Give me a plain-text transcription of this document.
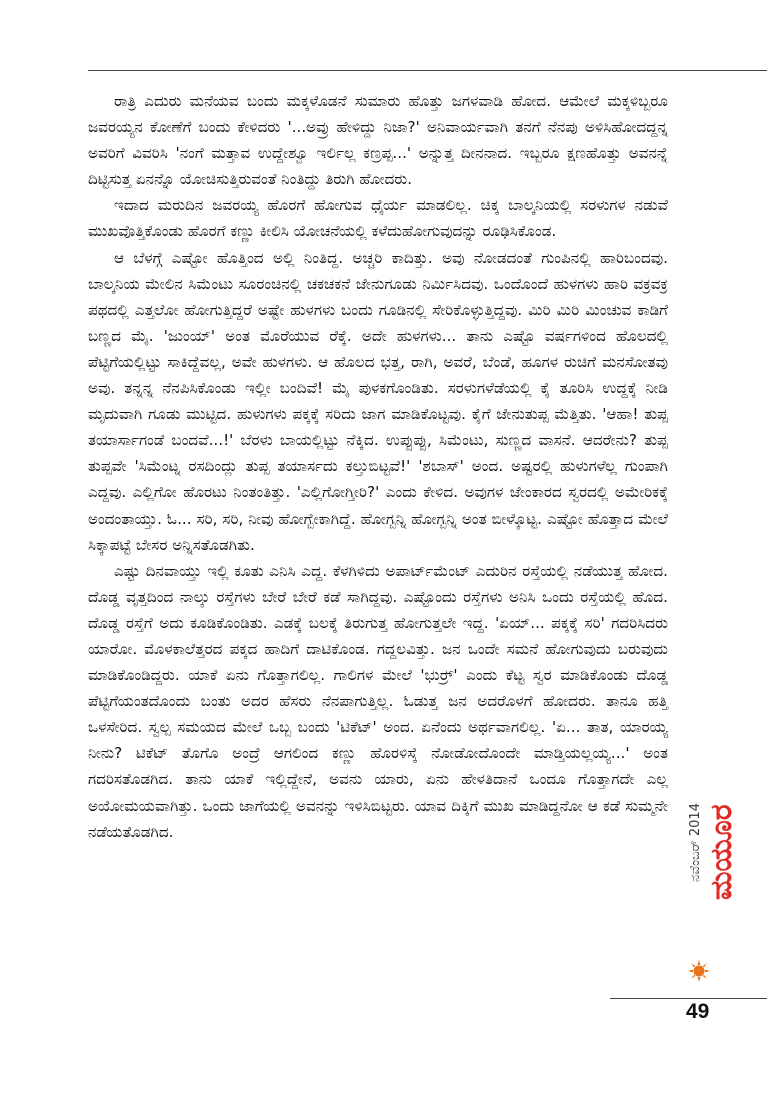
ರಾತ್ರಿ ಎದುರು ಮನೆಯವ ಬಂದು ಮಕ್ಕಳೊಡನೆ ಸುಮಾರು ಹೊತ್ತು ಜಗಳವಾಡಿ ಹೋದ. ಆಮೇಲೆ ಮಕ್ಕಳಿಬ್ಬರೂ ಜವರಯ್ಯನ ಕೋಣೆಗೆ ಬಂದು ಕೇಳಿದರು '...ಅವ್ರು ಹೇಳಿದ್ದು ನಿಜಾ?' ಅನಿವಾರ್ಯವಾಗಿ ತನಗೆ ನೆನಪು ಅಳಿಸಿಹೋದದ್ದನ್ನ ಅವರಿಗೆ ವಿವರಿಸಿ 'ನಂಗೆ ಮತ್ತಾವ ಉದ್ದೇಶ್ವೂ ಇರ್ಲಿಲ್ಲ ಕಣ್ರಪ್ಪ...' ಅನ್ನುತ್ತ ದೀನನಾದ. ಇಬ್ಬರೂ ಕ್ಷಣಹೊತ್ತು ಅವನನ್ನೆ ದಿಟ್ಟಿಸುತ್ತ ಏನನ್ನೊ ಯೋಚಿಸುತ್ತಿರುವಂತೆ ನಿಂತಿದ್ದು ತಿರುಗಿ ಹೋದರು.

ಇದಾದ ಮರುದಿನ ಜವರಯ್ಯ ಹೊರಗೆ ಹೋಗುವ ಧೈರ್ಯ ಮಾಡಲಿಲ್ಲ. ಚಿಕ್ಕ ಬಾಲ್ಕನಿಯಲ್ಲಿ ಸರಳುಗಳ ನಡುವೆ ಮುಖವೊತ್ತಿಕೊಂಡು ಹೊರಗೆ ಕಣ್ಣು ಕೀಲಿಸಿ ಯೋಚನೆಯಲ್ಲಿ ಕಳೆದುಹೋಗುವುದನ್ನು ರೂಢಿಸಿಕೊಂಡ.

ಆ ಬೆಳಗ್ಗೆ ಎಷ್ಟೋ ಹೊತ್ತಿಂದ ಅಲ್ಲಿ ನಿಂತಿದ್ದ. ಅಚ್ಚರಿ ಕಾದಿತ್ತು. ಅವು ನೋಡದಂತೆ ಗುಂಪಿನಲ್ಲಿ ಹಾರಿಬಂದವು. ಬಾಲ್ಕನಿಯ ಮೇಲಿನ ಸಿಮೆಂಟು ಸೂರಂಚಿನಲ್ಲಿ ಚಕಚಕನೆ ಜೇನುಗೂಡು ನಿರ್ಮಿಸಿದವು. ಒಂದೊಂದೆ ಹುಳಗಳು ಹಾರಿ ವಕ್ರವಕ್ರ ಪಥದಲ್ಲಿ ಎತ್ತಲೋ ಹೋಗುತ್ತಿದ್ದರೆ ಅಷ್ಟೇ ಹುಳಗಳು ಬಂದು ಗೂಡಿನಲ್ಲಿ ಸೇರಿಕೊಳ್ಳುತ್ತಿದ್ದವು. ಮಿರಿ ಮಿರಿ ಮಿಂಚುವ ಕಾಡಿಗೆ ಬಣ್ಣದ ಮೈ. 'ಜುಂಯ್' ಅಂತ ಮೊರೆಯುವ ರೆಕ್ಕೆ. ಅದೇ ಹುಳಗಳು... ತಾನು ಎಷ್ಟೊ ವರ್ಷಗಳಿಂದ ಹೊಲದಲ್ಲಿ ಪೆಟ್ಟಿಗೆಯಲ್ಲಿಟ್ಟು ಸಾಕಿದ್ದೆವಲ್ಲ, ಅವೇ ಹುಳಗಳು. ಆ ಹೊಲದ ಭತ್ತ, ರಾಗಿ, ಅವರೆ, ಬೆಂಡೆ, ಹೂಗಳ ರುಚಿಗೆ ಮನಸೋತವು ಅವು. ತನ್ನನ್ನ ನೆನಪಿಸಿಕೊಂಡು ಇಲ್ಲೀ ಬಂದಿವೆ! ಮೈ ಪುಳಕಗೊಂಡಿತು. ಸರಳುಗಳೆಡೆಯಲ್ಲಿ ಕೈ ತೂರಿಸಿ ಉದ್ದಕ್ಕೆ ನೀಡಿ ಮೃದುವಾಗಿ ಗೂಡು ಮುಟ್ಟಿದ. ಹುಳುಗಳು ಪಕ್ಕಕ್ಕೆ ಸರಿದು ಜಾಗ ಮಾಡಿಕೊಟ್ಟವು. ಕೈಗೆ ಜೇನುತುಪ್ಪ ಮೆತ್ತಿತು. 'ಆಹಾ! ತುಪ್ಪ ತಯಾರ್ಸಾಗಂಡೆ ಬಂದವೆ...!' ಬೆರಳು ಬಾಯಲ್ಲಿಟ್ಟು ನೆಕ್ಕಿದ. ಉಪ್ಪುಪ್ಪು, ಸಿಮೆಂಟು, ಸುಣ್ಣದ ವಾಸನೆ. ಆದರೇನು? ತುಪ್ಪ ತುಪ್ಪವೇ 'ಸಿಮೆಂಟ್ನ ರಸದಿಂದ್ಲು ತುಪ್ಪ ತಯಾರ್ಸದು ಕಲ್ತುಬಿಟ್ಟವೆ!' 'ಶಬಾಸ್' ಅಂದ. ಅಷ್ಟರಲ್ಲಿ ಹುಳುಗಳೆಲ್ಲ ಗುಂಪಾಗಿ ಎದ್ದವು. ಎಲ್ಲಿಗೋ ಹೊರಟು ನಿಂತಂತಿತ್ತು. 'ಎಲ್ಲಿಗೋಗ್ತೀರಿ?' ಎಂದು ಕೇಳಿದ. ಅವುಗಳ ಜೇಂಕಾರದ ಸ್ವರದಲ್ಲಿ ಅಮೇರಿಕಕ್ಕೆ ಅಂದಂತಾಯ್ತು. ಓ... ಸರಿ, ಸರಿ, ನೀವು ಹೋಗ್ಬೇಕಾಗಿದ್ದೆ. ಹೋಗ್ಬನ್ನಿ ಹೋಗ್ಬನ್ನಿ ಅಂತ ಬೀಳ್ಕೊಟ್ಟ. ಎಷ್ಟೋ ಹೊತ್ತಾದ ಮೇಲೆ ಸಿಕ್ಕಾಪಟ್ಟೆ ಬೇಸರ ಅನ್ನಿಸತೊಡಗಿತು.

ಎಷ್ಟು ದಿನವಾಯ್ತು ಇಲ್ಲಿ ಕೂತು ಎನಿಸಿ ಎದ್ದ. ಕೆಳಗಿಳಿದು ಅಪಾರ್ಟ್‌ಮೆಂಟ್ ಎದುರಿನ ರಸ್ತೆಯಲ್ಲಿ ನಡೆಯುತ್ತ ಹೋದ. ದೊಡ್ಡ ವೃತ್ತದಿಂದ ನಾಲ್ಕು ರಸ್ತೆಗಳು ಬೇರೆ ಬೇರೆ ಕಡೆ ಸಾಗಿದ್ದವು. ಎಷ್ಟೊಂದು ರಸ್ತೆಗಳು ಅನಿಸಿ ಒಂದು ರಸ್ತೆಯಲ್ಲಿ ಹೊದ. ದೊಡ್ಡ ರಸ್ತೆಗೆ ಅದು ಕೂಡಿಕೊಂಡಿತು. ಎಡಕ್ಕೆ ಬಲಕ್ಕೆ ತಿರುಗುತ್ತ ಹೋಗುತ್ತಲೇ ಇದ್ದ. 'ಏಯ್... ಪಕ್ಕಕ್ಕೆ ಸರಿ' ಗದರಿಸಿದರು ಯಾರೋ. ಮೊಳಕಾಲೆತ್ತರದ ಪಕ್ಕದ ಹಾದಿಗೆ ದಾಟಿಕೊಂಡ. ಗದ್ದಲವಿತ್ತು. ಜನ ಒಂದೇ ಸಮನೆ ಹೋಗುವುದು ಬರುವುದು ಮಾಡಿಕೊಂಡಿದ್ದರು. ಯಾಕೆ ಏನು ಗೊತ್ತಾಗಲಿಲ್ಲ. ಗಾಲಿಗಳ ಮೇಲೆ 'ಭುರ್‍ರ್' ಎಂದು ಕೆಟ್ಟ ಸ್ವರ ಮಾಡಿಕೊಂಡು ದೊಡ್ಡ ಪೆಟ್ಟಿಗೆಯಂತದೊಂದು ಬಂತು ಅದರ ಹೆಸರು ನೆನಪಾಗುತ್ತಿಲ್ಲ. ಓಡುತ್ತ ಜನ ಅದರೊಳಗೆ ಹೋದರು. ತಾನೂ ಹತ್ತಿ ಒಳಸೇರಿದ. ಸ್ವಲ್ಪ ಸಮಯದ ಮೇಲೆ ಒಬ್ಬ ಬಂದು 'ಟಿಕೆಟ್' ಅಂದ. ಏನೆಂದು ಅರ್ಥವಾಗಲಿಲ್ಲ. 'ಏ... ತಾತ, ಯಾರಯ್ಯ ನೀನು? ಟಿಕೆಟ್ ತೊಗೊ ಅಂದ್ರೆ ಆಗಲಿಂದ ಕಣ್ಣು ಹೊರಳಿಸ್ಕೆ ನೋಡೋದೊಂದೇ ಮಾಡ್ತಿಯಲ್ಲಯ್ಯ...' ಅಂತ ಗದರಿಸತೊಡಗಿದ. ತಾನು ಯಾಕೆ ಇಲ್ಲಿದ್ದೇನೆ, ಅವನು ಯಾರು, ಏನು ಹೇಳತಿದಾನೆ ಒಂದೂ ಗೊತ್ತಾಗದೇ ಎಲ್ಲ ಅಯೋಮಯವಾಗಿತ್ತು. ಒಂದು ಜಾಗೆಯಲ್ಲಿ ಅವನನ್ನು ಇಳಿಸಿಬಿಟ್ಟರು. ಯಾವ ದಿಕ್ಕಿಗೆ ಮುಖ ಮಾಡಿದ್ದನೋ ಆ ಕಡೆ ಸುಮ್ಮನೇ ನಡೆಯತೊಡಗಿದ.	ನವೆಂಬರ್ 2014 ಮಯೂರ
49
